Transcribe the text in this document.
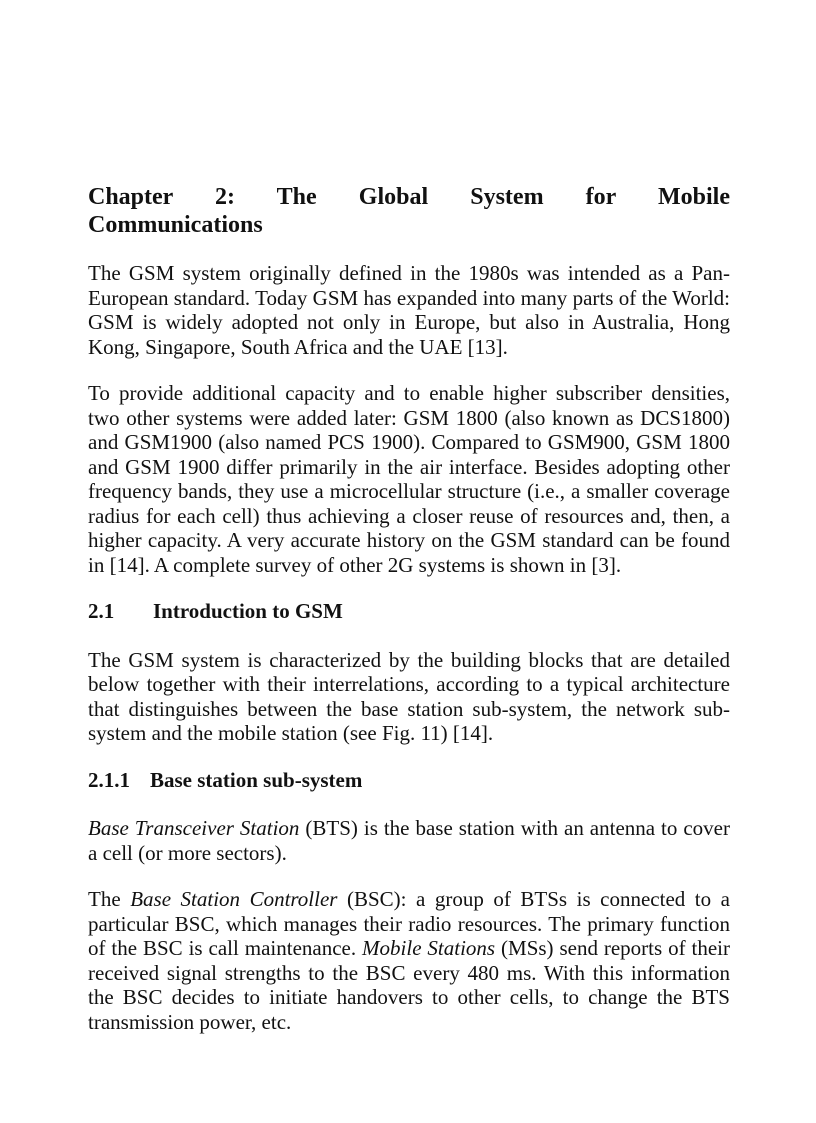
Chapter 2: The Global System for Mobile
Communications

The GSM system originally defined in the 1980s was intended as a Pan-European standard. Today GSM has expanded into many parts of the World: GSM is widely adopted not only in Europe, but also in Australia, Hong Kong, Singapore, South Africa and the UAE [13].

To provide additional capacity and to enable higher subscriber densities, two other systems were added later: GSM 1800 (also known as DCS1800) and GSM1900 (also named PCS 1900). Compared to GSM900, GSM 1800 and GSM 1900 differ primarily in the air interface. Besides adopting other frequency bands, they use a microcellular structure (i.e., a smaller coverage radius for each cell) thus achieving a closer reuse of resources and, then, a higher capacity. A very accurate history on the GSM standard can be found in [14]. A complete survey of other 2G systems is shown in [3].

2.1 Introduction to GSM

The GSM system is characterized by the building blocks that are detailed below together with their interrelations, according to a typical architecture that distinguishes between the base station sub-system, the network sub-system and the mobile station (see Fig. 11) [14].

2.1.1 Base station sub-system

Base Transceiver Station (BTS) is the base station with an antenna to cover a cell (or more sectors).

The Base Station Controller (BSC): a group of BTSs is connected to a particular BSC, which manages their radio resources. The primary function of the BSC is call maintenance. Mobile Stations (MSs) send reports of their received signal strengths to the BSC every 480 ms. With this information the BSC decides to initiate handovers to other cells, to change the BTS transmission power, etc.
